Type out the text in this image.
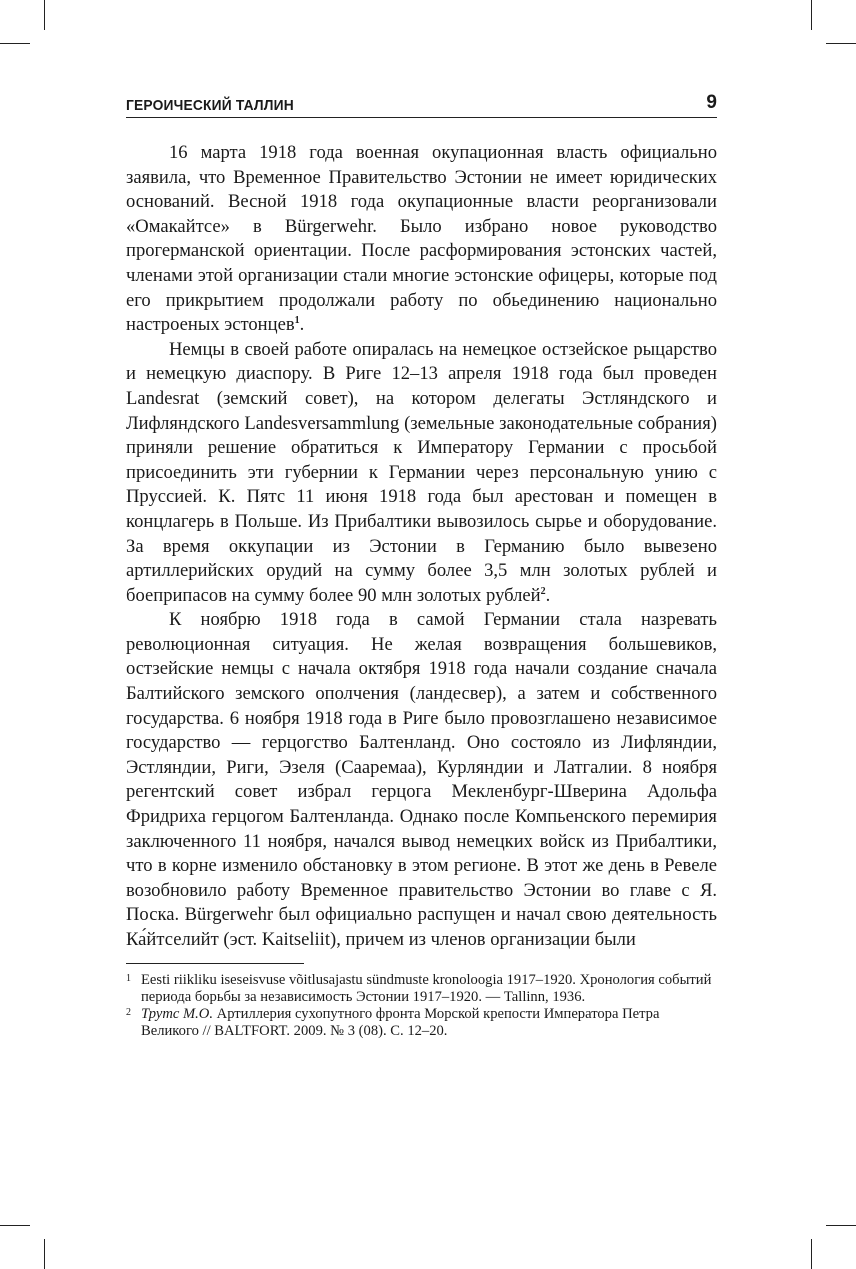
ГЕРОИЧЕСКИЙ ТАЛЛИН	9

16 марта 1918 года военная окупационная власть официально заявила, что Временное Правительство Эстонии не имеет юридических оснований. Весной 1918 года окупационные власти реорганизовали «Омакайтсе» в Bürgerwehr. Было избрано новое руководство прогерманской ориентации. После расформирования эстонских частей, членами этой организации стали многие эстонские офицеры, которые под его прикрытием продолжали работу по обьединению национально настроеных эстонцев$^1$.

Немцы в своей работе опиралась на немецкое остзейское рыцарство и немецкую диаспору. В Риге 12–13 апреля 1918 года был проведен Landesrat (земский совет), на котором делегаты Эстляндского и Лифляндского Landesversammlung (земельные законодательные собрания) приняли решение обратиться к Императору Германии с просьбой присоединить эти губернии к Германии через персональную унию с Пруссией. К. Пятс 11 июня 1918 года был арестован и помещен в концлагерь в Польше. Из Прибалтики вывозилось сырье и оборудование. За время оккупации из Эстонии в Германию было вывезено артиллерийских орудий на сумму более 3,5 млн золотых рублей и боеприпасов на сумму более 90 млн золотых рублей$^2$.

К ноябрю 1918 года в самой Германии стала назревать революционная ситуация. Не желая возвращения большевиков, остзейские немцы с начала октября 1918 года начали создание сначала Балтийского земского ополчения (ландесвер), а затем и собственного государства. 6 ноября 1918 года в Риге было провозглашено независимое государство — герцогство Балтенланд. Оно состояло из Лифляндии, Эстляндии, Риги, Эзеля (Сааремаа), Курляндии и Латгалии. 8 ноября регентский совет избрал герцога Мекленбург-Шверина Адольфа Фридриха герцогом Балтенланда. Однако после Компьенского перемирия заключенного 11 ноября, начался вывод немецких войск из Прибалтики, что в корне изменило обстановку в этом регионе. В этот же день в Ревеле возобновило работу Временное правительство Эстонии во главе с Я. Поска. Bürgerwehr был официально распущен и начал свою деятельность Ка́йтселийт (эст. Kaitseliit), причем из членов организации были

1 Eesti riikliku iseseisvuse võitlusajastu sündmuste kronoloogia 1917–1920. Хронология событий периода борьбы за независимость Эстонии 1917–1920. — Tallinn, 1936.
2 Трутс М.О. Артиллерия сухопутного фронта Морской крепости Императора Петра Великого // BALTFORT. 2009. № 3 (08). С. 12–20.
